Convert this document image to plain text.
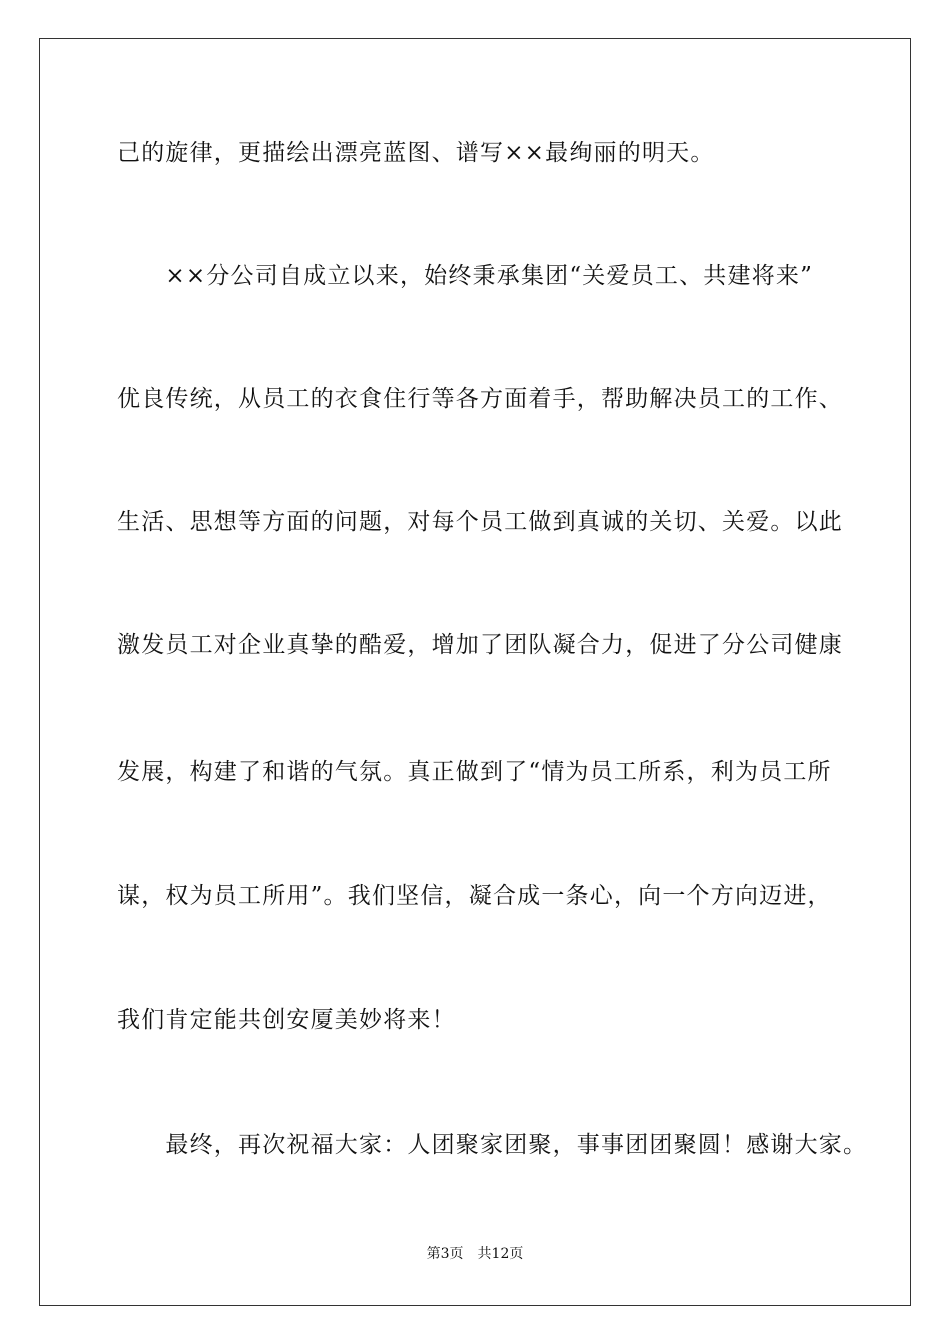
己的旋律，更描绘出漂亮蓝图、谱写××最绚丽的明天。
　　××分公司自成立以来，始终秉承集团“关爱员工、共建将来”
优良传统，从员工的衣食住行等各方面着手，帮助解决员工的工作、
生活、思想等方面的问题，对每个员工做到真诚的关切、关爱。以此
激发员工对企业真挚的酷爱，增加了团队凝合力，促进了分公司健康
发展，构建了和谐的气氛。真正做到了“情为员工所系，利为员工所
谋，权为员工所用”。我们坚信，凝合成一条心，向一个方向迈进，
我们肯定能共创安厦美妙将来！
　　最终，再次祝福大家：人团聚家团聚，事事团团聚圆！感谢大家。
第3页 共12页
